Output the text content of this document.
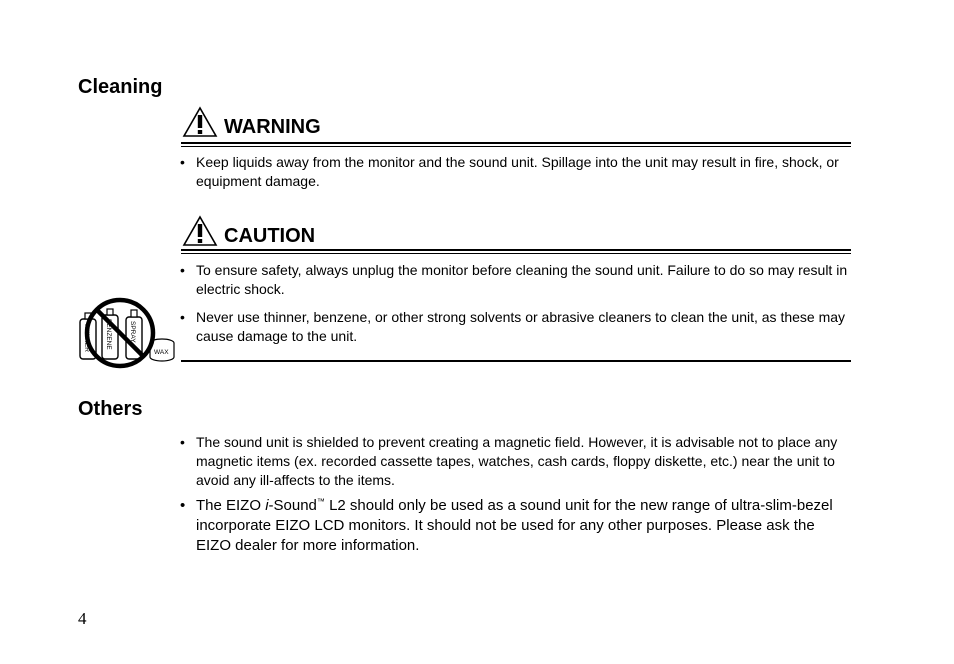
Cleaning
WARNING
• Keep liquids away from the monitor and the sound unit. Spillage into the unit may result in fire, shock, or equipment damage.
CAUTION
• To ensure safety, always unplug the monitor before cleaning the sound unit. Failure to do so may result in electric shock.
• Never use thinner, benzene, or other strong solvents or abrasive cleaners to clean the unit, as these may cause damage to the unit.
THINNER BENZENE	SPRAY
WAX
Others
• The sound unit is shielded to prevent creating a magnetic field. However, it is advisable not to place any magnetic items (ex. recorded cassette tapes, watches, cash cards, floppy diskette, etc.) near the unit to avoid any ill-affects to the items.
• The EIZO i-Sound™ L2 should only be used as a sound unit for the new range of ultra-slim-bezel incorporate EIZO LCD monitors. It should not be used for any other purposes. Please ask the EIZO dealer for more information.
4
